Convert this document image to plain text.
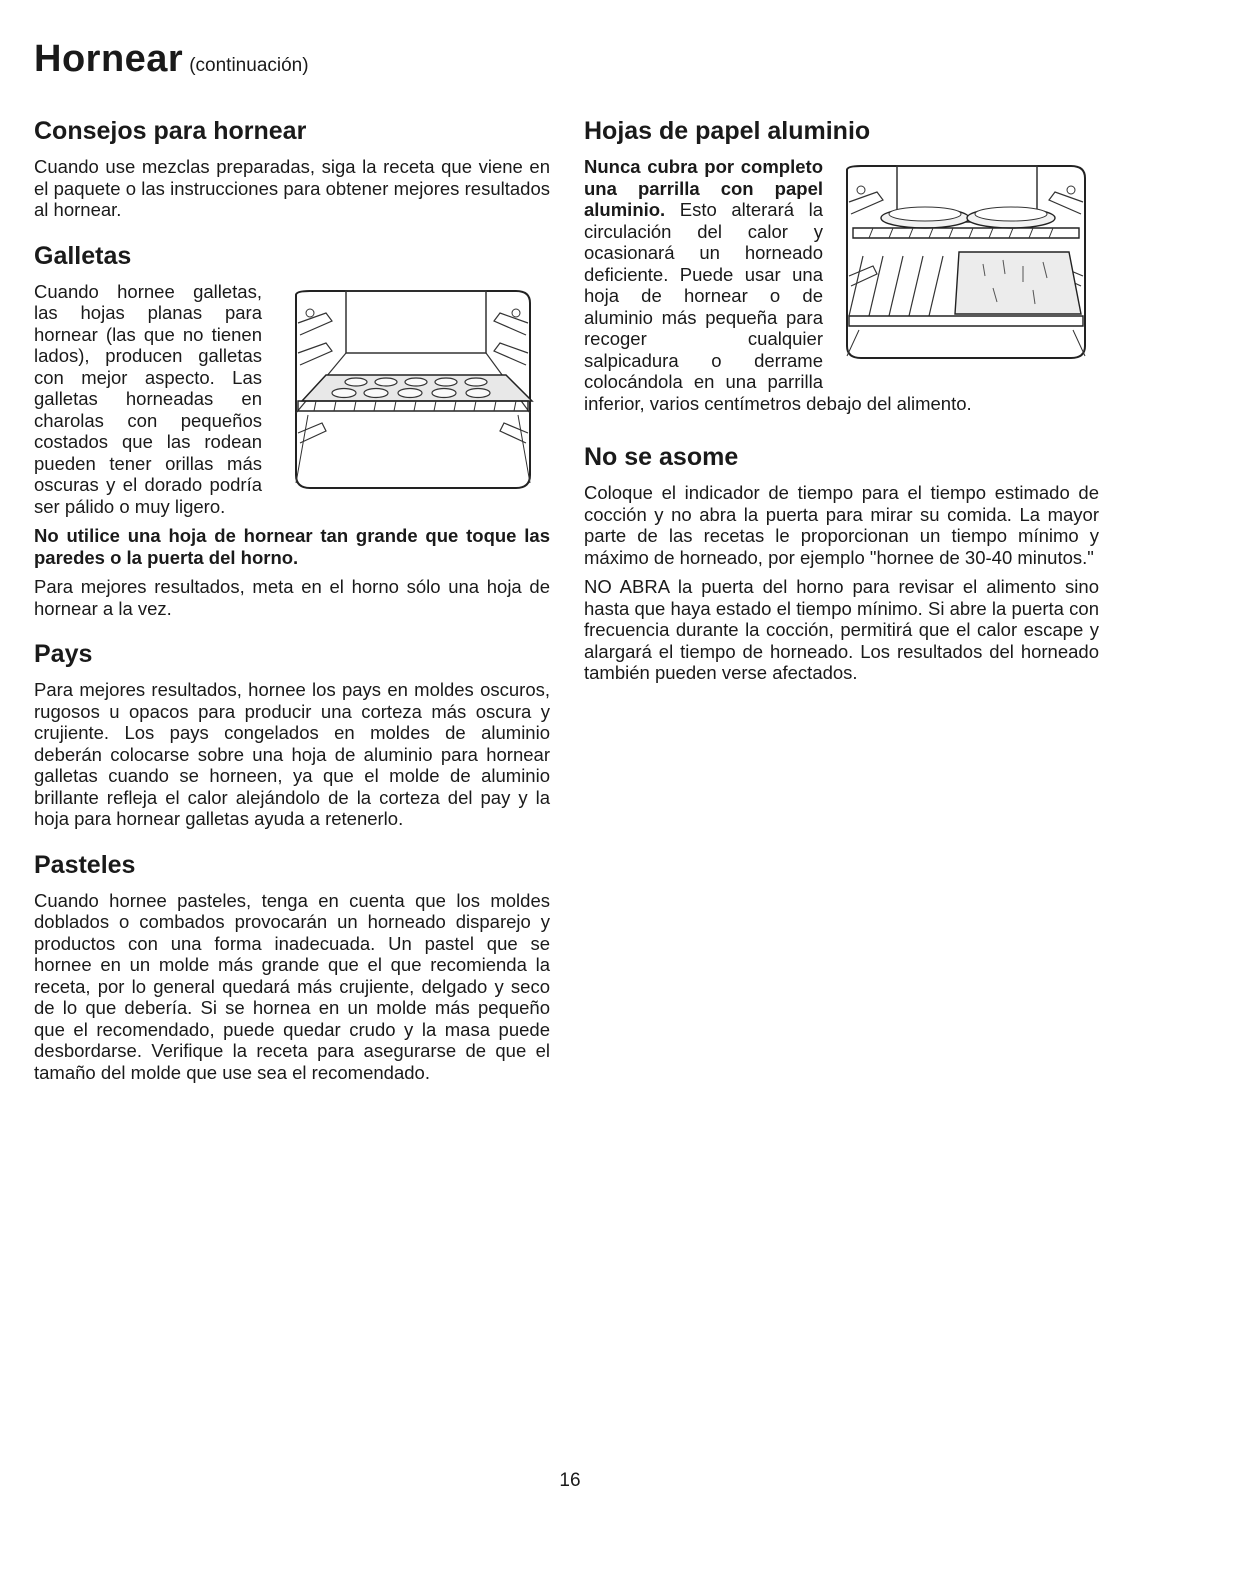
Hornear (continuación)
Consejos para hornear

Cuando use mezclas preparadas, siga la receta que viene en el paquete o las instrucciones para obtener mejores resultados al hornear.

Galletas

Cuando hornee galletas, las hojas planas para hornear (las que no tienen lados), producen galletas con mejor aspecto. Las galletas horneadas en charolas con pequeños costados que las rodean pueden tener orillas más oscuras y el dorado podría ser pálido o muy ligero.

No utilice una hoja de hornear tan grande que toque las paredes o la puerta del horno.

Para mejores resultados, meta en el horno sólo una hoja de hornear a la vez.

Pays

Para mejores resultados, hornee los pays en moldes oscuros, rugosos u opacos para producir una corteza más oscura y crujiente. Los pays congelados en moldes de aluminio deberán colocarse sobre una hoja de aluminio para hornear galletas cuando se horneen, ya que el molde de aluminio brillante refleja el calor alejándolo de la corteza del pay y la hoja para hornear galletas ayuda a retenerlo.

Pasteles

Cuando hornee pasteles, tenga en cuenta que los moldes doblados o combados provocarán un horneado disparejo y productos con una forma inadecuada. Un pastel que se hornee en un molde más grande que el que recomienda la receta, por lo general quedará más crujiente, delgado y seco de lo que debería. Si se hornea en un molde más pequeño que el recomendado, puede quedar crudo y la masa puede desbordarse. Verifique la receta para asegurarse de que el tamaño del molde que use sea el recomendado.

Hojas de papel aluminio

Nunca cubra por completo una parrilla con papel aluminio. Esto alterará la circulación del calor y ocasionará un horneado deficiente. Puede usar una hoja de hornear o de aluminio más pequeña para recoger cualquier salpicadura o derrame colocándola en una parrilla inferior, varios centímetros debajo del alimento.

No se asome

Coloque el indicador de tiempo para el tiempo estimado de cocción y no abra la puerta para mirar su comida. La mayor parte de las recetas le proporcionan un tiempo mínimo y máximo de horneado, por ejemplo "hornee de 30-40 minutos."

NO ABRA la puerta del horno para revisar el alimento sino hasta que haya estado el tiempo mínimo. Si abre la puerta con frecuencia durante la cocción, permitirá que el calor escape y alargará el tiempo de horneado. Los resultados del horneado también pueden verse afectados.

16
